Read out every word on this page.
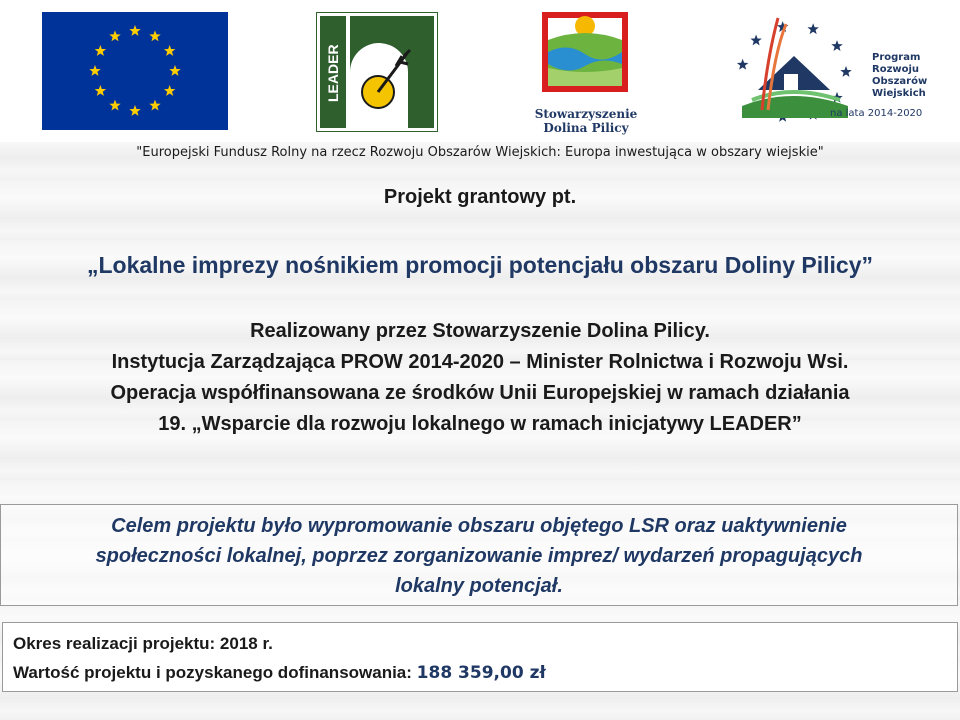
LEADER
Stowarzyszenie
Dolina Pilicy
Program
Rozwoju
Obszarów
Wiejskich
na lata 2014-2020
"Europejski Fundusz Rolny na rzecz Rozwoju Obszarów Wiejskich: Europa inwestująca w obszary wiejskie"
Projekt grantowy pt.
„Lokalne imprezy nośnikiem promocji potencjału obszaru Doliny Pilicy”
Realizowany przez Stowarzyszenie Dolina Pilicy.
Instytucja Zarządzająca PROW 2014-2020 – Minister Rolnictwa i Rozwoju Wsi.
Operacja współfinansowana ze środków Unii Europejskiej w ramach działania
19. „Wsparcie dla rozwoju lokalnego w ramach inicjatywy LEADER”
Celem projektu było wypromowanie obszaru objętego LSR oraz uaktywnienie
społeczności lokalnej, poprzez zorganizowanie imprez/ wydarzeń propagujących
lokalny potencjał.
Okres realizacji projektu: 2018 r.
Wartość projektu i pozyskanego dofinansowania: 188 359,00 zł
